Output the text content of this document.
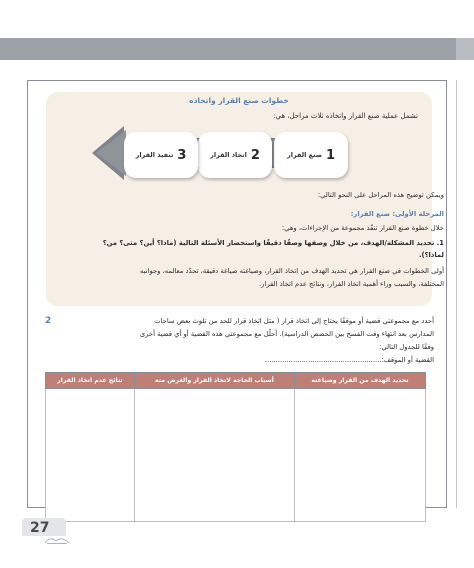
خطوات صنع القرار واتخاذه
تشمل عملية صنع القرار واتخاذه ثلاث مراحل، هي:
1
صنع القرار
2
اتخاذ القرار
3
تنفيذ القرار
ويمكن توضيح هذه المراحل على النحو التالي:
المرحلة الأولى: صنع القرار:
خلال خطوة صنع القرار تنفّذ مجموعة من الإجراءات، وهي:
1. تحديد المشكلة/الهدف، من خلال وصفها وصفًا دقيقًا واستحضار الأسئلة التالية (ماذا؟ أين؟ متى؟ من؟
لماذا؟).
أولى الخطوات في صنع القرار هي تحديد الهدف من اتخاذ القرار، وصياغته صياغة دقيقة، تحدّد معالمه، وجوانبه
المختلفة، والسبب وراء أهمية اتخاذ القرار، ونتائج عدم اتخاذ القرار.
أحدد مع مجموعتي قضية أو موقفًا يحتاج إلى اتخاذ قرار ( مثل اتخاذ قرار للحد من تلوث بعض ساحات
2
المدارس بعد انتهاء وقت الفسح بين الحصص الدراسية). أحلّل مع مجموعتي هذه القضية أو أي قضية أخرى
وفقًا للجدول التالي:
القضية أو الموقف:......................................................
نتائج عدم اتخاذ القرار	أسباب الحاجة لاتخاذ القرار والغرض منه	تحديد الهدف من القرار وصياغته

27
